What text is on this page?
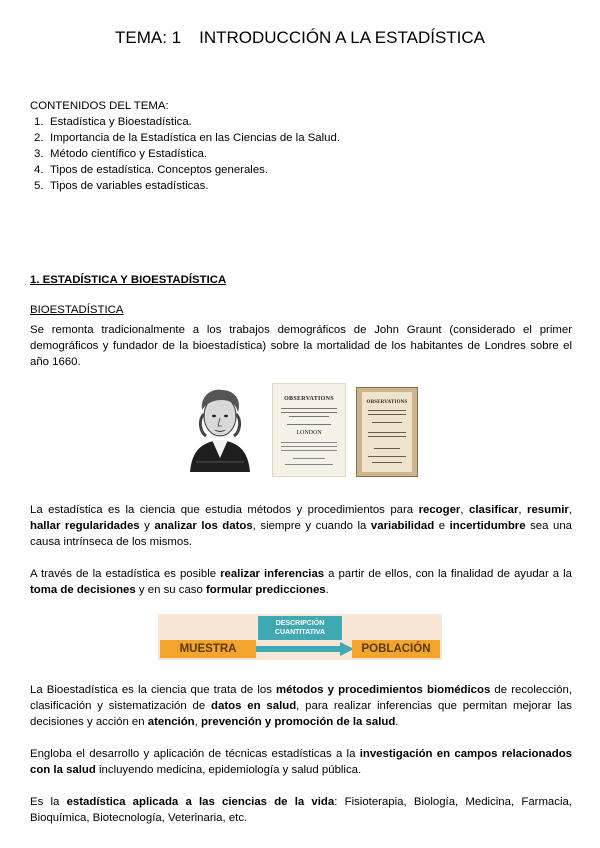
TEMA: 1 INTRODUCCIÓN A LA ESTADÍSTICA
CONTENIDOS DEL TEMA:
1. Estadística y Bioestadística.
2. Importancia de la Estadística en las Ciencias de la Salud.
3. Método científico y Estadística.
4. Tipos de estadística. Conceptos generales.
5. Tipos de variables estadísticas.
1. ESTADÍSTICA Y BIOESTADÍSTICA
BIOESTADÍSTICA
Se remonta tradicionalmente a los trabajos demográficos de John Graunt (considerado el primer demográficos y fundador de la bioestadística) sobre la mortalidad de los habitantes de Londres sobre el año 1660.
OBSERVATIONS
LONDON
OBSERVATIONS
La estadística es la ciencia que estudia métodos y procedimientos para recoger, clasificar, resumir, hallar regularidades y analizar los datos, siempre y cuando la variabilidad e incertidumbre sea una causa intrínseca de los mismos.
A través de la estadística es posible realizar inferencias a partir de ellos, con la finalidad de ayudar a la toma de decisiones y en su caso formular predicciones.
MUESTRA
DESCRIPCIÓN
CUANTITATIVA
POBLACIÓN
La Bioestadística es la ciencia que trata de los métodos y procedimientos biomédicos de recolección, clasificación y sistematización de datos en salud, para realizar inferencias que permitan mejorar las decisiones y acción en atención, prevención y promoción de la salud.
Engloba el desarrollo y aplicación de técnicas estadísticas a la investigación en campos relacionados con la salud incluyendo medicina, epidemiología y salud pública.
Es la estadística aplicada a las ciencias de la vida: Fisioterapia, Biología, Medicina, Farmacia, Bioquímica, Biotecnología, Veterinaria, etc.
